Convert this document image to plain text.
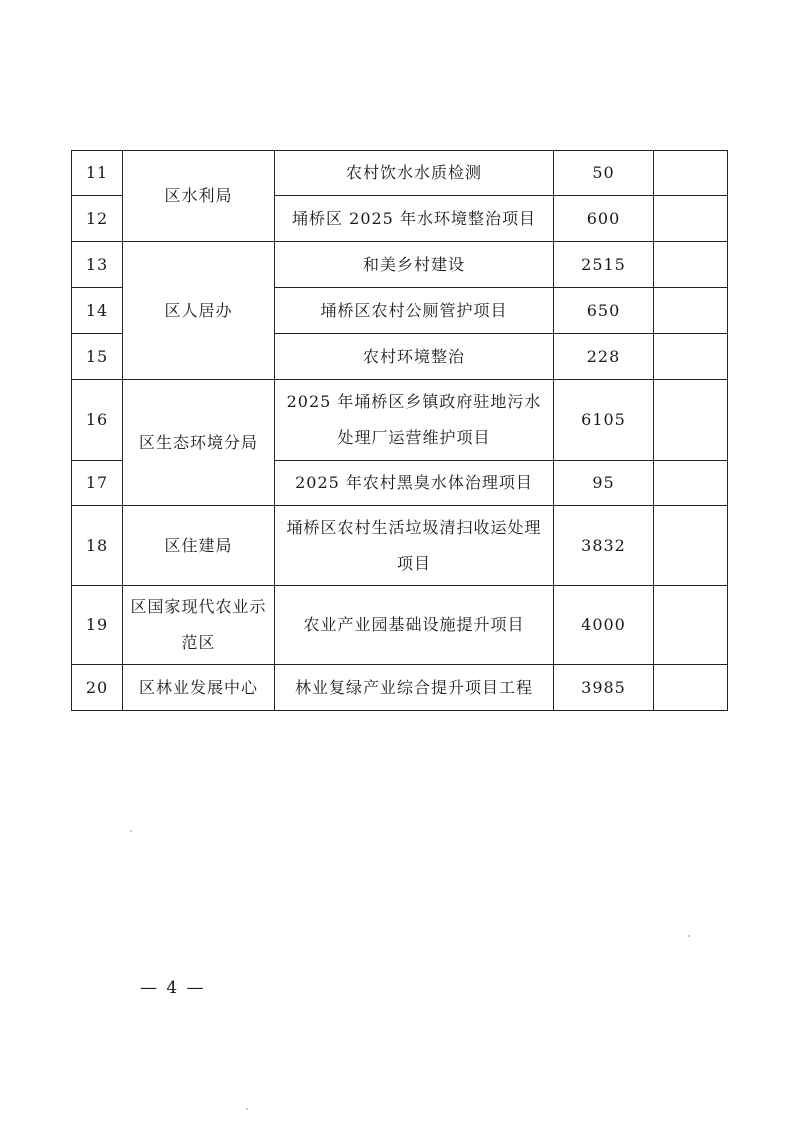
11	区水利局	农村饮水水质检测	50	
12		埇桥区 2025 年水环境整治项目	600	
13	区人居办	和美乡村建设	2515	
14		埇桥区农村公厕管护项目	650	
15		农村环境整治	228	
16	区生态环境分局	2025 年埇桥区乡镇政府驻地污水处理厂运营维护项目	6105	
17		2025 年农村黑臭水体治理项目	95	
18	区住建局	埇桥区农村生活垃圾清扫收运处理项目	3832	
19	区国家现代农业示范区	农业产业园基础设施提升项目	4000	
20	区林业发展中心	林业复绿产业综合提升项目工程	3985	
— 4 —
